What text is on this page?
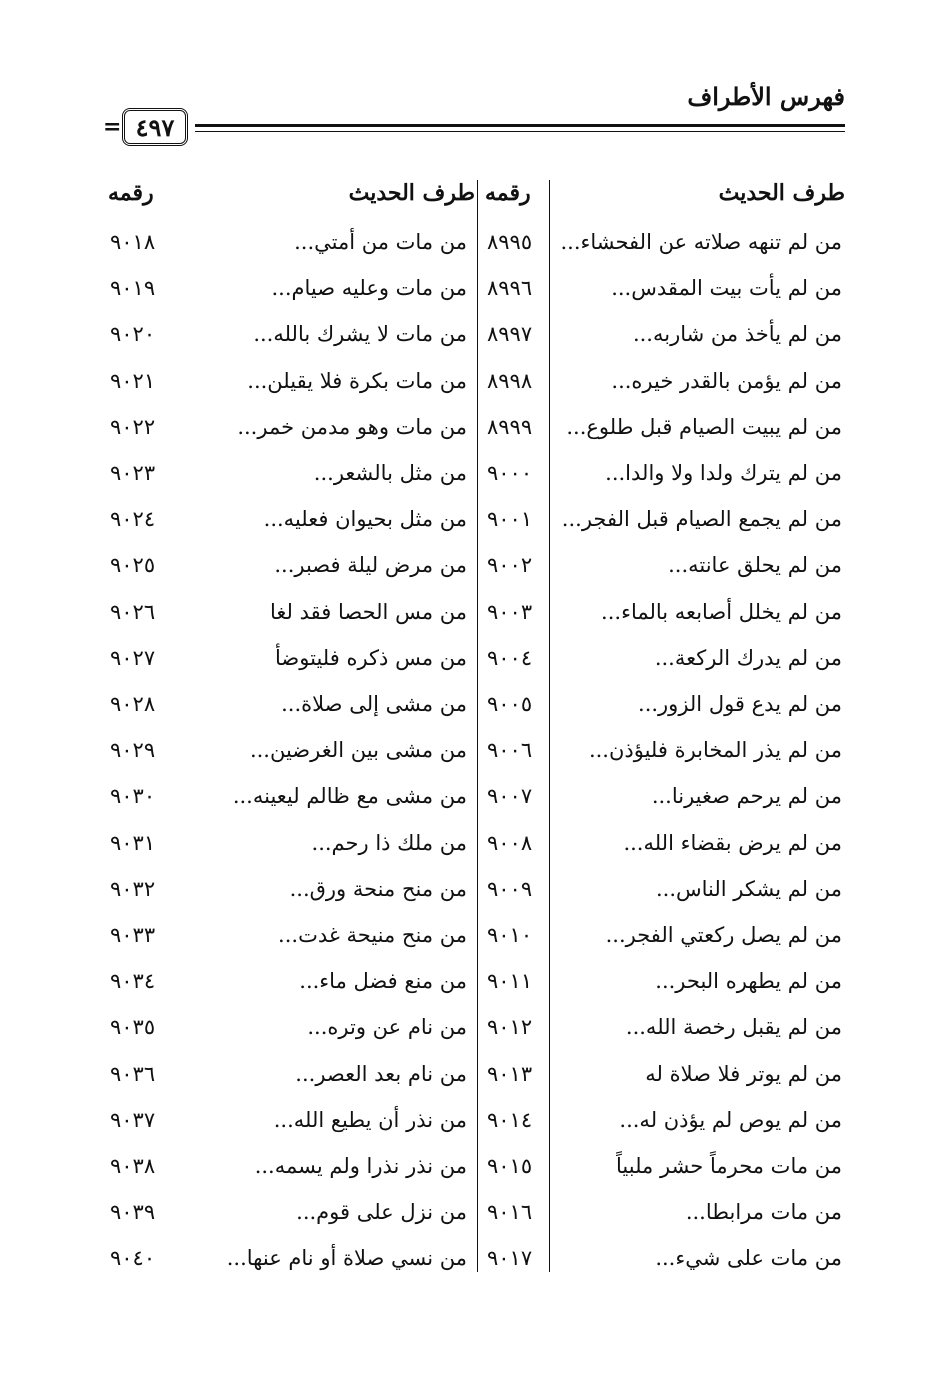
فهرس الأطراف
٤٩٧
=
طرف الحديث
رقمه
طرف الحديث
رقمه
من لم تنهه صلاته عن الفحشاء...
٨٩٩٥
من لم يأت بيت المقدس...
٨٩٩٦
من لم يأخذ من شاربه...
٨٩٩٧
من لم يؤمن بالقدر خيره...
٨٩٩٨
من لم يبيت الصيام قبل طلوع...
٨٩٩٩
من لم يترك ولدا ولا والدا...
٩٠٠٠
من لم يجمع الصيام قبل الفجر...
٩٠٠١
من لم يحلق عانته...
٩٠٠٢
من لم يخلل أصابعه بالماء...
٩٠٠٣
من لم يدرك الركعة...
٩٠٠٤
من لم يدع قول الزور...
٩٠٠٥
من لم يذر المخابرة فليؤذن...
٩٠٠٦
من لم يرحم صغيرنا...
٩٠٠٧
من لم يرض بقضاء الله...
٩٠٠٨
من لم يشكر الناس...
٩٠٠٩
من لم يصل ركعتي الفجر...
٩٠١٠
من لم يطهره البحر...
٩٠١١
من لم يقبل رخصة الله...
٩٠١٢
من لم يوتر فلا صلاة له
٩٠١٣
من لم يوص لم يؤذن له...
٩٠١٤
من مات محرماً حشر ملبياً
٩٠١٥
من مات مرابطا...
٩٠١٦
من مات على شيء...
٩٠١٧
من مات من أمتي...
٩٠١٨
من مات وعليه صيام...
٩٠١٩
من مات لا يشرك بالله...
٩٠٢٠
من مات بكرة فلا يقيلن...
٩٠٢١
من مات وهو مدمن خمر...
٩٠٢٢
من مثل بالشعر...
٩٠٢٣
من مثل بحيوان فعليه...
٩٠٢٤
من مرض ليلة فصبر...
٩٠٢٥
من مس الحصا فقد لغا
٩٠٢٦
من مس ذكره فليتوضأ
٩٠٢٧
من مشى إلى صلاة...
٩٠٢٨
من مشى بين الغرضين...
٩٠٢٩
من مشى مع ظالم ليعينه...
٩٠٣٠
من ملك ذا رحم...
٩٠٣١
من منح منحة ورق...
٩٠٣٢
من منح منيحة غدت...
٩٠٣٣
من منع فضل ماء...
٩٠٣٤
من نام عن وتره...
٩٠٣٥
من نام بعد العصر...
٩٠٣٦
من نذر أن يطيع الله...
٩٠٣٧
من نذر نذرا ولم يسمه...
٩٠٣٨
من نزل على قوم...
٩٠٣٩
من نسي صلاة أو نام عنها...
٩٠٤٠
